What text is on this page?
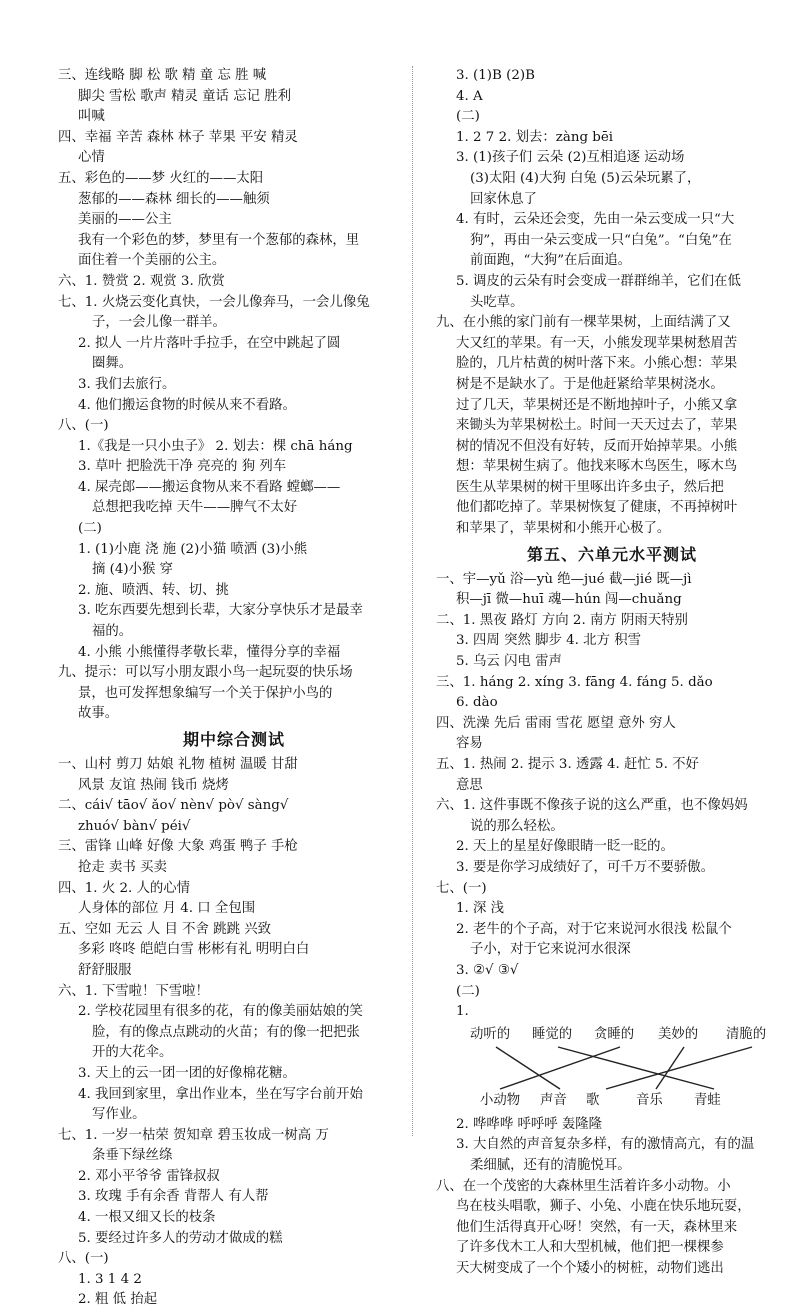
三、连线略 脚 松 歌 精 童 忘 胜 喊
脚尖 雪松 歌声 精灵 童话 忘记 胜利
叫喊
四、幸福 辛苦 森林 林子 苹果 平安 精灵
心情
五、彩色的——梦 火红的——太阳
葱郁的——森林 细长的——触须
美丽的——公主
我有一个彩色的梦，梦里有一个葱郁的森林，里
面住着一个美丽的公主。
六、1. 赞赏 2. 观赏 3. 欣赏
七、1. 火烧云变化真快，一会儿像奔马，一会儿像兔
子，一会儿像一群羊。
2. 拟人 一片片落叶手拉手，在空中跳起了圆
圈舞。
3. 我们去旅行。
4. 他们搬运食物的时候从来不看路。
八、(一)
1.《我是一只小虫子》 2. 划去：棵 chā háng
3. 草叶 把脸洗干净 亮亮的 狗 列车
4. 屎壳郎——搬运食物从来不看路 螳螂——
总想把我吃掉 天牛——脾气不太好
(二)
1. (1)小鹿 浇 施 (2)小猫 喷洒 (3)小熊
摘 (4)小猴 穿
2. 施、喷洒、转、切、挑
3. 吃东西要先想到长辈，大家分享快乐才是最幸
福的。
4. 小熊 小熊懂得孝敬长辈，懂得分享的幸福
九、提示：可以写小朋友跟小鸟一起玩耍的快乐场
景，也可发挥想象编写一个关于保护小鸟的
故事。
期中综合测试
一、山村 剪刀 姑娘 礼物 植树 温暖 甘甜
风景 友谊 热闹 钱币 烧烤
二、cái√ tāo√ ǎo√ nèn√ pò√ sàng√
zhuó√ bàn√ péi√
三、雷锋 山峰 好像 大象 鸡蛋 鸭子 手枪
抢走 卖书 买卖
四、1. 火 2. 人的心情
人身体的部位 月 4. 口 全包围
五、空如 无云 人 目 不舍 跳跳 兴致
多彩 咚咚 皑皑白雪 彬彬有礼 明明白白
舒舒服服
六、1. 下雪啦！下雪啦！
2. 学校花园里有很多的花，有的像美丽姑娘的笑
脸，有的像点点跳动的火苗；有的像一把把张
开的大花伞。
3. 天上的云一团一团的好像棉花糖。
4. 我回到家里，拿出作业本，坐在写字台前开始
写作业。
七、1. 一岁一枯荣 贺知章 碧玉妆成一树高 万
条垂下绿丝绦
2. 邓小平爷爷 雷锋叔叔
3. 玫瑰 手有余香 背帮人 有人帮
4. 一根又细又长的枝条
5. 要经过许多人的劳动才做成的糕
八、(一)
1. 3 1 4 2
2. 粗 低 抬起
3. (1)B (2)B
4. A
(二)
1. 2 7 2. 划去：zàng bēi
3. (1)孩子们 云朵 (2)互相追逐 运动场
(3)太阳 (4)大狗 白兔 (5)云朵玩累了，
回家休息了
4. 有时，云朵还会变，先由一朵云变成一只“大
狗”，再由一朵云变成一只“白兔”。“白兔”在
前面跑，“大狗”在后面追。
5. 调皮的云朵有时会变成一群群绵羊，它们在低
头吃草。
九、在小熊的家门前有一棵苹果树，上面结满了又
大又红的苹果。有一天，小熊发现苹果树愁眉苦
脸的，几片枯黄的树叶落下来。小熊心想：苹果
树是不是缺水了。于是他赶紧给苹果树浇水。
过了几天，苹果树还是不断地掉叶子，小熊又拿
来锄头为苹果树松土。时间一天天过去了，苹果
树的情况不但没有好转，反而开始掉苹果。小熊
想：苹果树生病了。他找来啄木鸟医生，啄木鸟
医生从苹果树的树干里啄出许多虫子，然后把
他们都吃掉了。苹果树恢复了健康，不再掉树叶
和苹果了，苹果树和小熊开心极了。
第五、六单元水平测试
一、宇—yǔ 浴—yù 绝—jué 截—jié 既—jì
积—jī 微—huī 魂—hún 闯—chuǎng
二、1. 黑夜 路灯 方向 2. 南方 阴雨天特别
3. 四周 突然 脚步 4. 北方 积雪
5. 乌云 闪电 雷声
三、1. háng 2. xíng 3. fāng 4. fáng 5. dǎo
6. dào
四、洗澡 先后 雷雨 雪花 愿望 意外 穷人
容易
五、1. 热闹 2. 提示 3. 透露 4. 赶忙 5. 不好
意思
六、1. 这件事既不像孩子说的这么严重，也不像妈妈
说的那么轻松。
2. 天上的星星好像眼睛一眨一眨的。
3. 要是你学习成绩好了，可千万不要骄傲。
七、(一)
1. 深 浅
2. 老牛的个子高，对于它来说河水很浅 松鼠个
子小，对于它来说河水很深
3. ②√ ③√
(二)
1.
动听的 睡觉的 贪睡的 美妙的 清脆的
小动物 声音 歌	音乐 青蛙
2. 哗哗哗 呼呼呼 轰隆隆
3. 大自然的声音复杂多样，有的激情高亢，有的温
柔细腻，还有的清脆悦耳。
八、在一个茂密的大森林里生活着许多小动物。小
鸟在枝头唱歌，狮子、小兔、小鹿在快乐地玩耍，
他们生活得真开心呀！突然，有一天，森林里来
了许多伐木工人和大型机械，他们把一棵棵参
天大树变成了一个个矮小的树桩，动物们逃出
